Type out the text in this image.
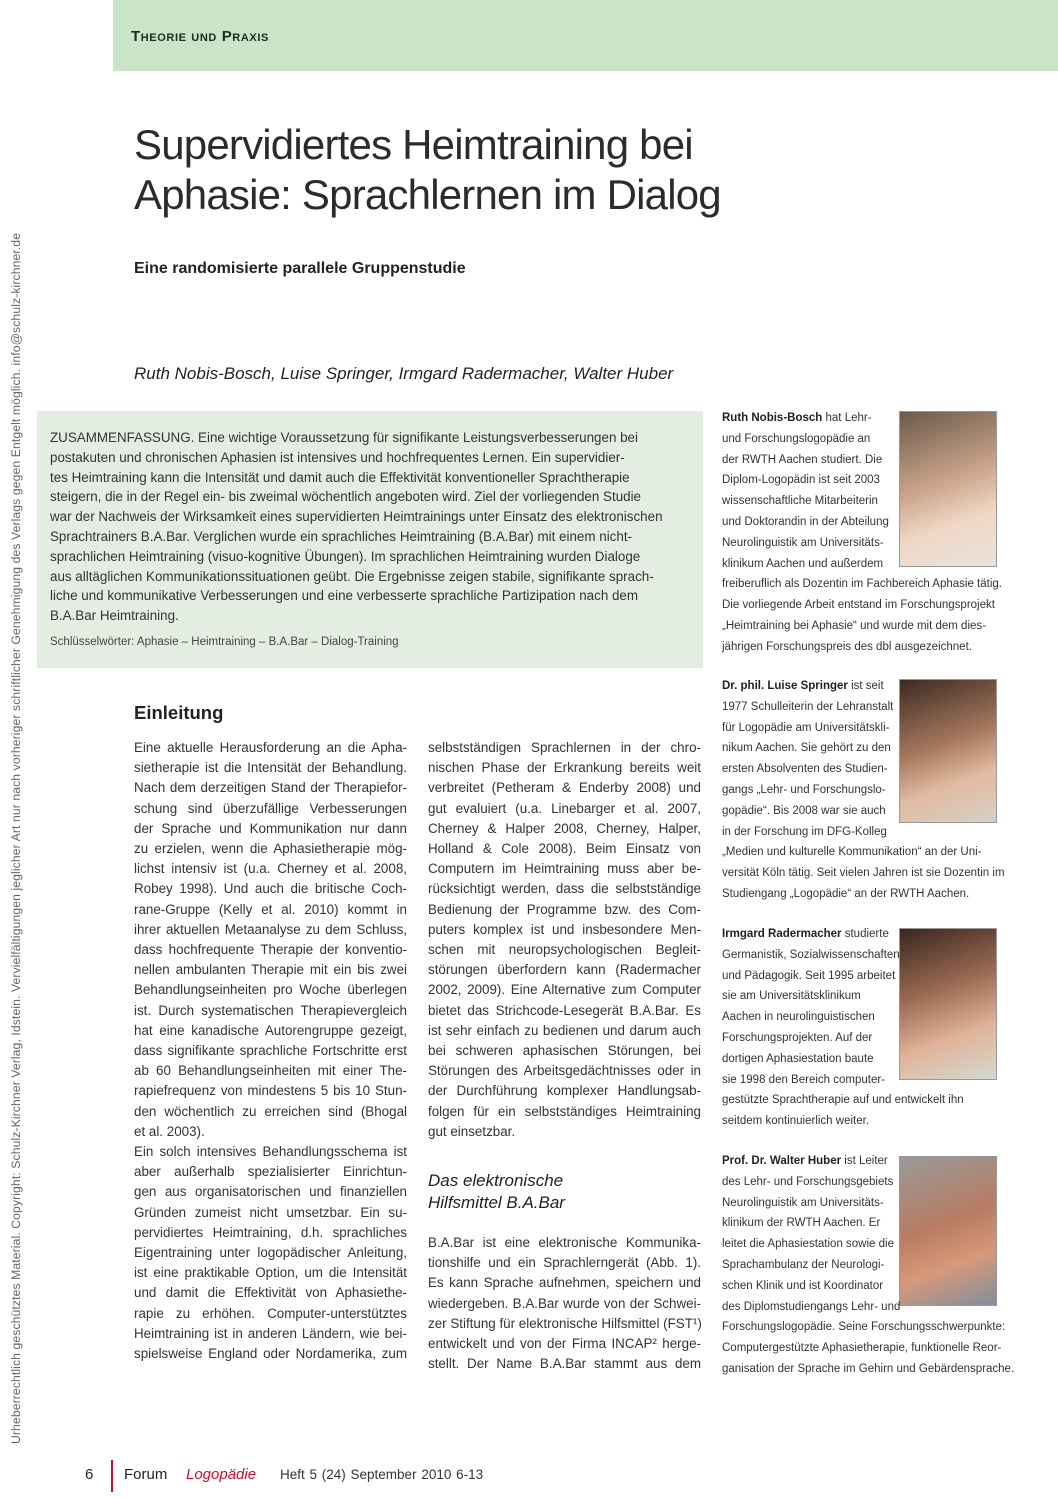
Theorie und Praxis
Urheberrechtlich geschütztes Material. Copyright: Schulz-Kirchner Verlag, Idstein. Vervielfältigungen jeglicher Art nur nach vorheriger schriftlicher Genehmigung des Verlags gegen Entgelt möglich. info@schulz-kirchner.de
Supervidiertes Heimtraining bei
Aphasie: Sprachlernen im Dialog
Eine randomisierte parallele Gruppenstudie
Ruth Nobis-Bosch, Luise Springer, Irmgard Radermacher, Walter Huber
ZUSAMMENFASSUNG. Eine wichtige Voraussetzung für signifikante Leistungsverbesserungen bei
postakuten und chronischen Aphasien ist intensives und hochfrequentes Lernen. Ein supervidier-
tes Heimtraining kann die Intensität und damit auch die Effektivität konventioneller Sprachtherapie
steigern, die in der Regel ein- bis zweimal wöchentlich angeboten wird. Ziel der vorliegenden Studie
war der Nachweis der Wirksamkeit eines supervidierten Heimtrainings unter Einsatz des elektronischen
Sprachtrainers B.A.Bar. Verglichen wurde ein sprachliches Heimtraining (B.A.Bar) mit einem nicht-
sprachlichen Heimtraining (visuo-kognitive Übungen). Im sprachlichen Heimtraining wurden Dialoge
aus alltäglichen Kommunikationssituationen geübt. Die Ergebnisse zeigen stabile, signifikante sprach-
liche und kommunikative Verbesserungen und eine verbesserte sprachliche Partizipation nach dem
B.A.Bar Heimtraining.
Schlüsselwörter: Aphasie – Heimtraining – B.A.Bar – Dialog-Training
Einleitung
Eine aktuelle Herausforderung an die Apha-
sietherapie ist die Intensität der Behandlung.
Nach dem derzeitigen Stand der Therapiefor-
schung sind überzufällige Verbesserungen
der Sprache und Kommunikation nur dann
zu erzielen, wenn die Aphasietherapie mög-
lichst intensiv ist (u.a. Cherney et al. 2008,
Robey 1998). Und auch die britische Coch-
rane-Gruppe (Kelly et al. 2010) kommt in
ihrer aktuellen Metaanalyse zu dem Schluss,
dass hochfrequente Therapie der konventio-
nellen ambulanten Therapie mit ein bis zwei
Behandlungseinheiten pro Woche überlegen
ist. Durch systematischen Therapievergleich
hat eine kanadische Autorengruppe gezeigt,
dass signifikante sprachliche Fortschritte erst
ab 60 Behandlungseinheiten mit einer The-
rapiefrequenz von mindestens 5 bis 10 Stun-
den wöchentlich zu erreichen sind (Bhogal
et al. 2003).
Ein solch intensives Behandlungsschema ist
aber außerhalb spezialisierter Einrichtun-
gen aus organisatorischen und finanziellen
Gründen zumeist nicht umsetzbar. Ein su-
pervidiertes Heimtraining, d.h. sprachliches
Eigentraining unter logopädischer Anleitung,
ist eine praktikable Option, um die Intensität
und damit die Effektivität von Aphasiethe-
rapie zu erhöhen. Computer-unterstütztes
Heimtraining ist in anderen Ländern, wie bei-
spielsweise England oder Nordamerika, zum
selbstständigen Sprachlernen in der chro-
nischen Phase der Erkrankung bereits weit
verbreitet (Petheram & Enderby 2008) und
gut evaluiert (u.a. Linebarger et al. 2007,
Cherney & Halper 2008, Cherney, Halper,
Holland & Cole 2008). Beim Einsatz von
Computern im Heimtraining muss aber be-
rücksichtigt werden, dass die selbstständige
Bedienung der Programme bzw. des Com-
puters komplex ist und insbesondere Men-
schen mit neuropsychologischen Begleit-
störungen überfordern kann (Radermacher
2002, 2009). Eine Alternative zum Computer
bietet das Strichcode-Lesegerät B.A.Bar. Es
ist sehr einfach zu bedienen und darum auch
bei schweren aphasischen Störungen, bei
Störungen des Arbeitsgedächtnisses oder in
der Durchführung komplexer Handlungsab-
folgen für ein selbstständiges Heimtraining
gut einsetzbar.
Das elektronische
Hilfsmittel B.A.Bar
B.A.Bar ist eine elektronische Kommunika-
tionshilfe und ein Sprachlerngerät (Abb. 1).
Es kann Sprache aufnehmen, speichern und
wiedergeben. B.A.Bar wurde von der Schwei-
zer Stiftung für elektronische Hilfsmittel (FST¹)
entwickelt und von der Firma INCAP² herge-
stellt. Der Name B.A.Bar stammt aus dem
Ruth Nobis-Bosch hat Lehr-
und Forschungslogopädie an
der RWTH Aachen studiert. Die
Diplom-Logopädin ist seit 2003
wissenschaftliche Mitarbeiterin
und Doktorandin in der Abteilung
Neurolinguistik am Universitäts-
klinikum Aachen und außerdem
freiberuflich als Dozentin im Fachbereich Aphasie tätig.
Die vorliegende Arbeit entstand im Forschungsprojekt
„Heimtraining bei Aphasie“ und wurde mit dem dies-
jährigen Forschungspreis des dbl ausgezeichnet.
Dr. phil. Luise Springer ist seit
1977 Schulleiterin der Lehranstalt
für Logopädie am Universitätskli-
nikum Aachen. Sie gehört zu den
ersten Absolventen des Studien-
gangs „Lehr- und Forschungslo-
gopädie“. Bis 2008 war sie auch
in der Forschung im DFG-Kolleg
„Medien und kulturelle Kommunikation“ an der Uni-
versität Köln tätig. Seit vielen Jahren ist sie Dozentin im
Studiengang „Logopädie“ an der RWTH Aachen.
Irmgard Radermacher studierte
Germanistik, Sozialwissenschaften
und Pädagogik. Seit 1995 arbeitet
sie am Universitätsklinikum
Aachen in neurolinguistischen
Forschungsprojekten. Auf der
dortigen Aphasiestation baute
sie 1998 den Bereich computer-
gestützte Sprachtherapie auf und entwickelt ihn
seitdem kontinuierlich weiter.
Prof. Dr. Walter Huber ist Leiter
des Lehr- und Forschungsgebiets
Neurolinguistik am Universitäts-
klinikum der RWTH Aachen. Er
leitet die Aphasiestation sowie die
Sprachambulanz der Neurologi-
schen Klinik und ist Koordinator
des Diplomstudiengangs Lehr- und
Forschungslogopädie. Seine Forschungsschwerpunkte:
Computergestützte Aphasietherapie, funktionelle Reor-
ganisation der Sprache im Gehirn und Gebärdensprache.
6 Forum Logopädie Heft 5 (24) September 2010 6-13
